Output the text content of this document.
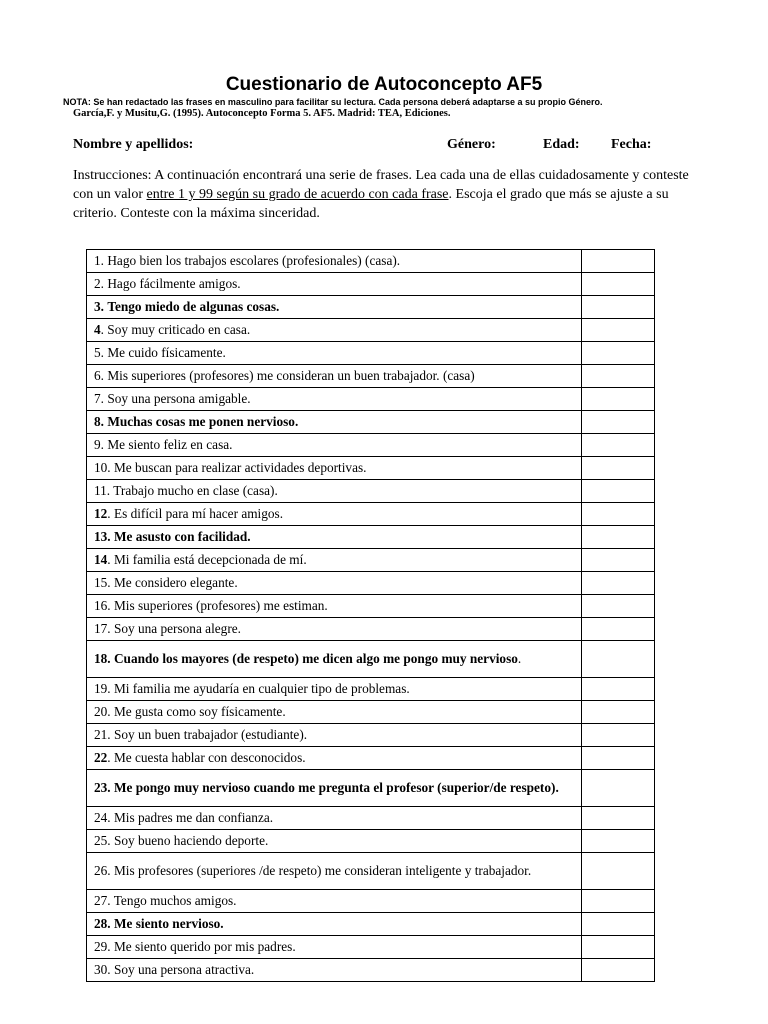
Cuestionario de Autoconcepto AF5
NOTA: Se han redactado las frases en masculino para facilitar su lectura. Cada persona deberá adaptarse a su propio Género.
García,F. y Musitu,G. (1995). Autoconcepto Forma 5. AF5. Madrid: TEA, Ediciones.
Nombre y apellidos:	Género:	Edad: Fecha:
Instrucciones: A continuación encontrará una serie de frases. Lea cada una de ellas cuidadosamente y conteste con un valor entre 1 y 99 según su grado de acuerdo con cada frase. Escoja el grado que más se ajuste a su criterio. Conteste con la máxima sinceridad.
1. Hago bien los trabajos escolares (profesionales) (casa).	
2. Hago fácilmente amigos.	
3. Tengo miedo de algunas cosas.	
4. Soy muy criticado en casa.	
5. Me cuido físicamente.	
6. Mis superiores (profesores) me consideran un buen trabajador. (casa)	
7. Soy una persona amigable.	
8. Muchas cosas me ponen nervioso.	
9. Me siento feliz en casa.	
10. Me buscan para realizar actividades deportivas.	
11. Trabajo mucho en clase (casa).	
12. Es difícil para mí hacer amigos.	
13. Me asusto con facilidad.	
14. Mi familia está decepcionada de mí.	
15. Me considero elegante.	
16. Mis superiores (profesores) me estiman.	
17. Soy una persona alegre.	
18. Cuando los mayores (de respeto) me dicen algo me pongo muy nervioso.	
19. Mi familia me ayudaría en cualquier tipo de problemas.	
20. Me gusta como soy físicamente.	
21. Soy un buen trabajador (estudiante).	
22. Me cuesta hablar con desconocidos.	
23. Me pongo muy nervioso cuando me pregunta el profesor (superior/de respeto).	
24. Mis padres me dan confianza.	
25. Soy bueno haciendo deporte.	
26. Mis profesores (superiores /de respeto) me consideran inteligente y trabajador.	
27. Tengo muchos amigos.	
28. Me siento nervioso.	
29. Me siento querido por mis padres.	
30. Soy una persona atractiva.	
